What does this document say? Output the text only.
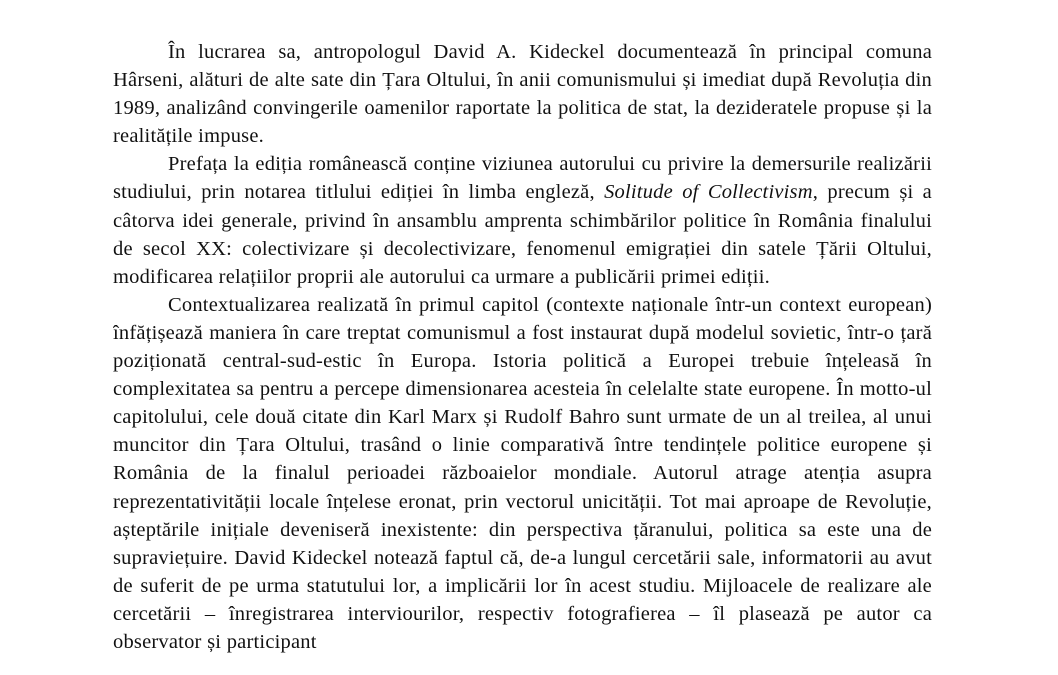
În lucrarea sa, antropologul David A. Kideckel documentează în principal comuna Hârseni, alături de alte sate din Țara Oltului, în anii comunismului și imediat după Revoluția din 1989, analizând convingerile oamenilor raportate la politica de stat, la dezideratele propuse și la realitățile impuse.

Prefața la ediția românească conține viziunea autorului cu privire la demersurile realizării studiului, prin notarea titlului ediției în limba engleză, Solitude of Collectivism, precum și a câtorva idei generale, privind în ansamblu amprenta schimbărilor politice în România finalului de secol XX: colectivizare și decolectivizare, fenomenul emigrației din satele Țării Oltului, modificarea relațiilor proprii ale autorului ca urmare a publicării primei ediții.

Contextualizarea realizată în primul capitol (contexte naționale într-un context european) înfățișează maniera în care treptat comunismul a fost instaurat după modelul sovietic, într-o țară poziționată central-sud-estic în Europa. Istoria politică a Europei trebuie înțeleasă în complexitatea sa pentru a percepe dimensionarea acesteia în celelalte state europene. În motto-ul capitolului, cele două citate din Karl Marx și Rudolf Bahro sunt urmate de un al treilea, al unui muncitor din Țara Oltului, trasând o linie comparativă între tendințele politice europene și România de la finalul perioadei războaielor mondiale. Autorul atrage atenția asupra reprezentativității locale înțelese eronat, prin vectorul unicității. Tot mai aproape de Revoluție, așteptările inițiale deveniseră inexistente: din perspectiva țăranului, politica sa este una de supraviețuire. David Kideckel notează faptul că, de-a lungul cercetării sale, informatorii au avut de suferit de pe urma statutului lor, a implicării lor în acest studiu. Mijloacele de realizare ale cercetării – înregistrarea interviourilor, respectiv fotografierea – îl plasează pe autor ca observator și participant
